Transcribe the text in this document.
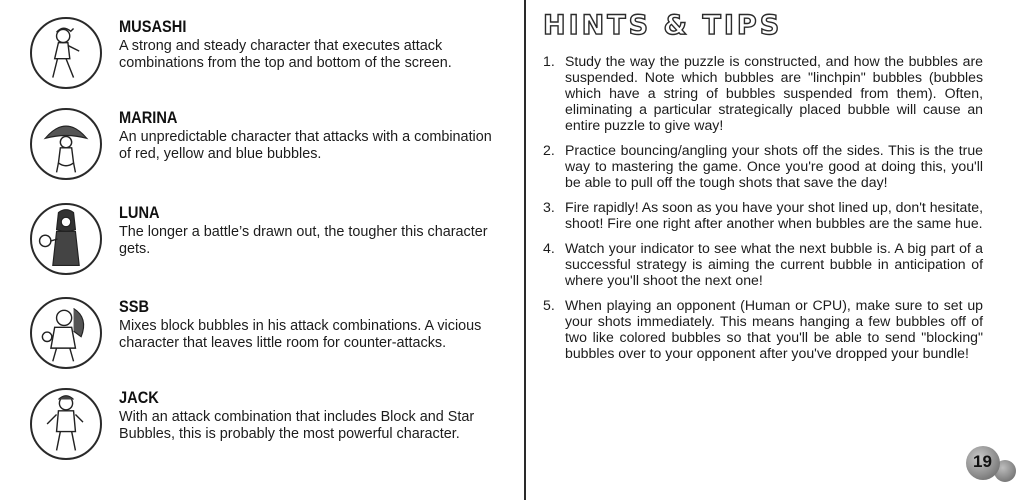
MUSASHI
A strong and steady character that executes attack combinations from the top and bottom of the screen.
MARINA
An unpredictable character that attacks with a combination of red, yellow and blue bubbles.
LUNA
The longer a battle’s drawn out, the tougher this character gets.
SSB
Mixes block bubbles in his attack combinations. A vicious character that leaves little room for counter-attacks.
JACK
With an attack combination that includes Block and Star Bubbles, this is probably the most powerful character.
HINTS & TIPS
1. Study the way the puzzle is constructed, and how the bubbles are suspended. Note which bubbles are "linchpin" bubbles (bubbles which have a string of bubbles suspended from them). Often, eliminating a particular strategically placed bubble will cause an entire puzzle to give way!
2. Practice bouncing/angling your shots off the sides. This is the true way to mastering the game. Once you're good at doing this, you'll be able to pull off the tough shots that save the day!
3. Fire rapidly! As soon as you have your shot lined up, don't hesitate, shoot! Fire one right after another when bubbles are the same hue.
4. Watch your indicator to see what the next bubble is. A big part of a successful strategy is aiming the current bubble in anticipation of where you'll shoot the next one!
5. When playing an opponent (Human or CPU), make sure to set up your shots immediately. This means hanging a few bubbles off of two like colored bubbles so that you'll be able to send "blocking" bubbles over to your opponent after you've dropped your bundle!
19
